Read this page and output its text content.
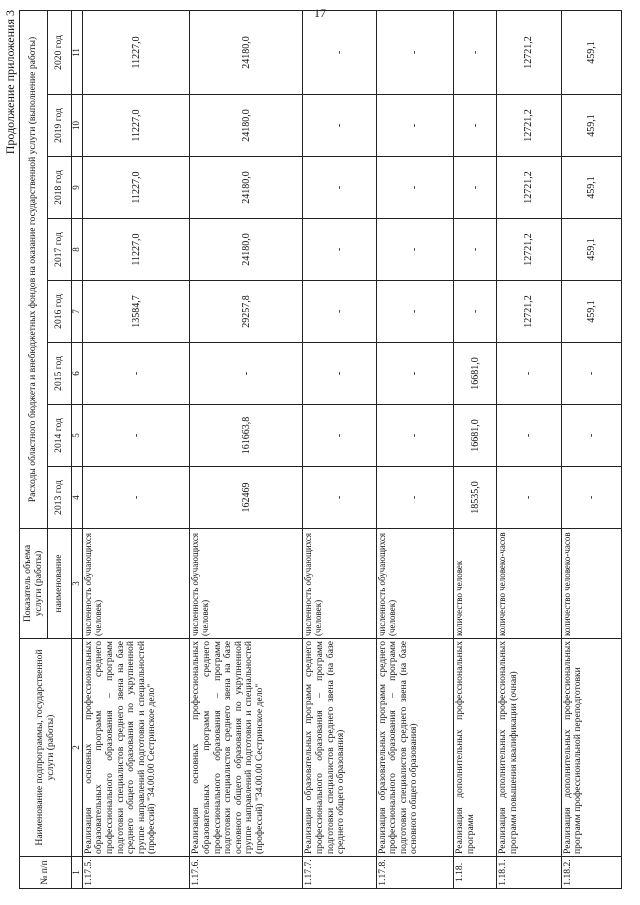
17
Продолжение приложения 3
№ п/п	Наименование подпрограммы, государственной услуги (работы)	Показатель объема услуги (работы)	Расходы областного бюджета и внебюджетных фондов на оказание государственной услуги (выполнение работы)							
		наименование	2013 год	2014 год	2015 год	2016 год	2017 год	2018 год	2019 год	2020 год
1	2	3	4	5	6	7	8	9	10	11
1.17.5.	Реализация основных профессиональных образовательных программ среднего профессионального образования – программ подготовки специалистов среднего звена на базе среднего общего образования по укрупненной группе направлений подготовки и специальностей (профессий) "34.00.00 Сестринское дело"	численность обучающихся (человек)	-	-	-	13584,7	11227,0	11227,0	11227,0	11227,0
1.17.6.	Реализация основных профессиональных образовательных программ среднего профессионального образования – программ подготовки специалистов среднего звена на базе основного общего образования по укрупненной группе направлений подготовки и специальностей (профессий) "34.00.00 Сестринское дело"	численность обучающихся (человек)	162469	161663,8	-	29257,8	24180,0	24180,0	24180,0	24180,0
1.17.7.	Реализация образовательных программ среднего профессионального образования – программ подготовки специалистов среднего звена (на базе среднего общего образования)	численность обучающихся (человек)	-	-	-	-	-	-	-	-
1.17.8.	Реализация образовательных программ среднего профессионального образования – программ подготовки специалистов среднего звена (на базе основного общего образования)	численность обучающихся (человек)	-	-	-	-	-	-	-	-
1.18.	Реализация дополнительных профессиональных программ	количество человек	18535,0	16681,0	16681,0	-	-	-	-	-
1.18.1.	Реализация дополнительных профессиональных программ повышения квалификации (очная)	количество человеко-часов	-	-	-	12721,2	12721,2	12721,2	12721,2	12721,2
1.18.2.	Реализация дополнительных профессиональных программ профессиональной переподготовки	количество человеко-часов	-	-	-	459,1	459,1	459,1	459,1	459,1
